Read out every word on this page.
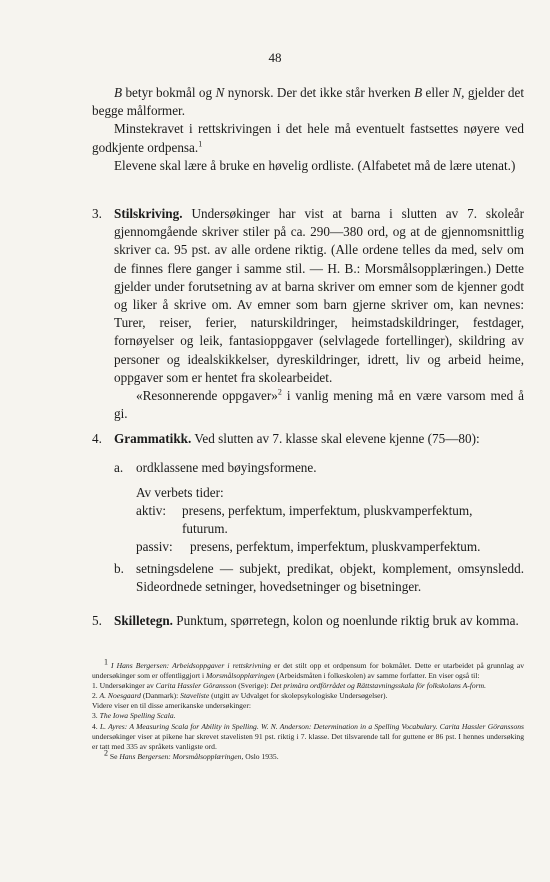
48

B betyr bokmål og N nynorsk. Der det ikke står hverken B eller N, gjelder det begge målformer.

Minstekravet i rettskrivingen i det hele må eventuelt fastsettes nøyere ved godkjente ordpensa.$^1$

Elevene skal lære å bruke en høvelig ordliste. (Alfabetet må de lære utenat.)

3. Stilskriving. Undersøkinger har vist at barna i slutten av 7. skoleår gjennomgående skriver stiler på ca. 290—380 ord, og at de gjennomsnittlig skriver ca. 95 pst. av alle ordene riktig. (Alle ordene telles da med, selv om de finnes flere ganger i samme stil. — H. B.: Morsmålsopplæringen.) Dette gjelder under forutsetning av at barna skriver om emner som de kjenner godt og liker å skrive om. Av emner som barn gjerne skriver om, kan nevnes: Turer, reiser, ferier, naturskildringer, heimstadskildringer, festdager, fornøyelser og leik, fantasioppgaver (selvlagede fortellinger), skildring av personer og idealskikkelser, dyreskildringer, idrett, liv og arbeid heime, oppgaver som er hentet fra skolearbeidet.

«Resonnerende oppgaver»$^2$ i vanlig mening må en være varsom med å gi.

4. Grammatikk. Ved slutten av 7. klasse skal elevene kjenne (75—80):
a. ordklassene med bøyingsformene.
Av verbets tider:
aktiv: presens, perfektum, imperfektum, pluskvamperfektum,
futurum.
passiv: presens, perfektum, imperfektum, pluskvamperfektum.
b. setningsdelene — subjekt, predikat, objekt, komplement, omsynsledd. Sideordnede setninger, hovedsetninger og bisetninger.
5. Skilletegn. Punktum, spørretegn, kolon og noenlunde riktig bruk av komma.

$^1$ I Hans Bergersen: Arbeidsoppgaver i rettskrivning er det stilt opp et ordpensum for bokmålet. Dette er utarbeidet på grunnlag av undersøkinger som er offentliggjort i Morsmålsopplæringen (Arbeidsmåten i folkeskolen) av samme forfatter. En viser også til:

1. Undersøkinger av Carita Hassler Göransson (Sverige): Det primära ordförrådet og Rättstavningsskala för folkskolans A-form.

2. A. Noesgaard (Danmark): Staveliste (utgitt av Udvalget for skolepsykologiske Undersøgelser).

Videre viser en til disse amerikanske undersøkinger:

3. The Iowa Spelling Scala.

4. L. Ayres: A Measuring Scala for Ability in Spelling. W. N. Anderson: Determination in a Spelling Vocabulary. Carita Hassler Göranssons undersøkinger viser at pikene har skrevet stavelisten 91 pst. riktig i 7. klasse. Det tilsvarende tall for guttene er 86 pst. I hennes undersøking er tatt med 335 av språkets vanligste ord.

$^2$ Se Hans Bergersen: Morsmålsopplæringen, Oslo 1935.
